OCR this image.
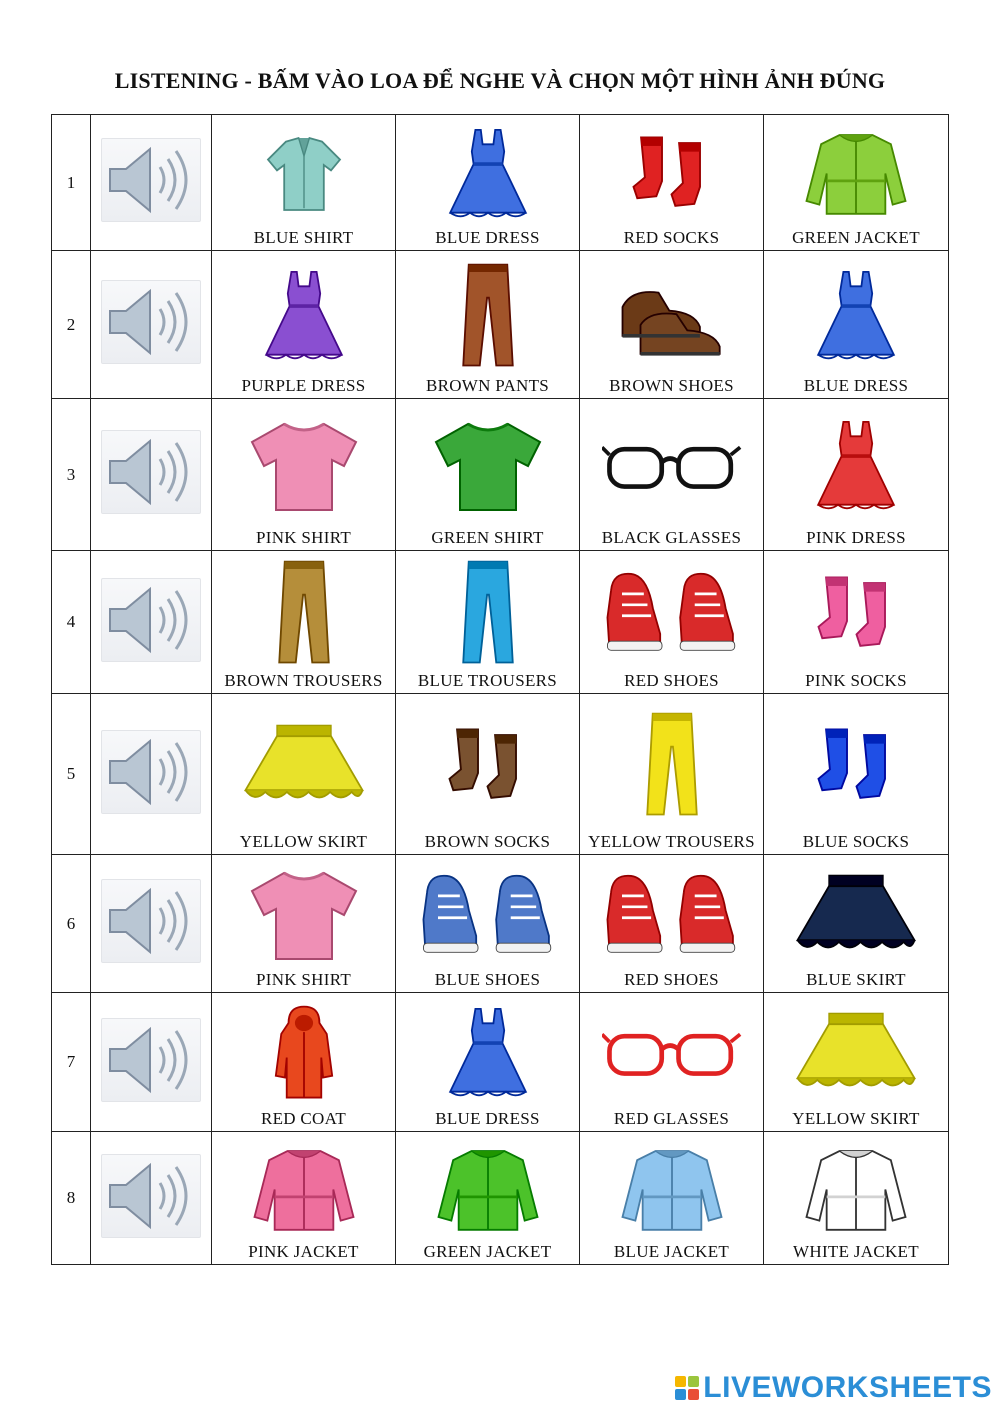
LISTENING - BẤM VÀO LOA ĐỂ NGHE VÀ CHỌN MỘT HÌNH ẢNH ĐÚNG
1		BLUE SHIRT	BLUE DRESS	RED SOCKS	GREEN JACKET

2		PURPLE DRESS	BROWN PANTS	BROWN SHOES	BLUE DRESS

3		PINK SHIRT	GREEN SHIRT	BLACK GLASSES	PINK DRESS

4		BROWN TROUSERS	BLUE TROUSERS	RED SHOES	PINK SOCKS

5		YELLOW SKIRT	BROWN SOCKS	YELLOW TROUSERS	BLUE SOCKS

6		PINK SHIRT	BLUE SHOES	RED SHOES	BLUE SKIRT

7		RED COAT	BLUE DRESS	RED GLASSES	YELLOW SKIRT

8		PINK JACKET	GREEN JACKET	BLUE JACKET	WHITE JACKET
LIVEWORKSHEETS
